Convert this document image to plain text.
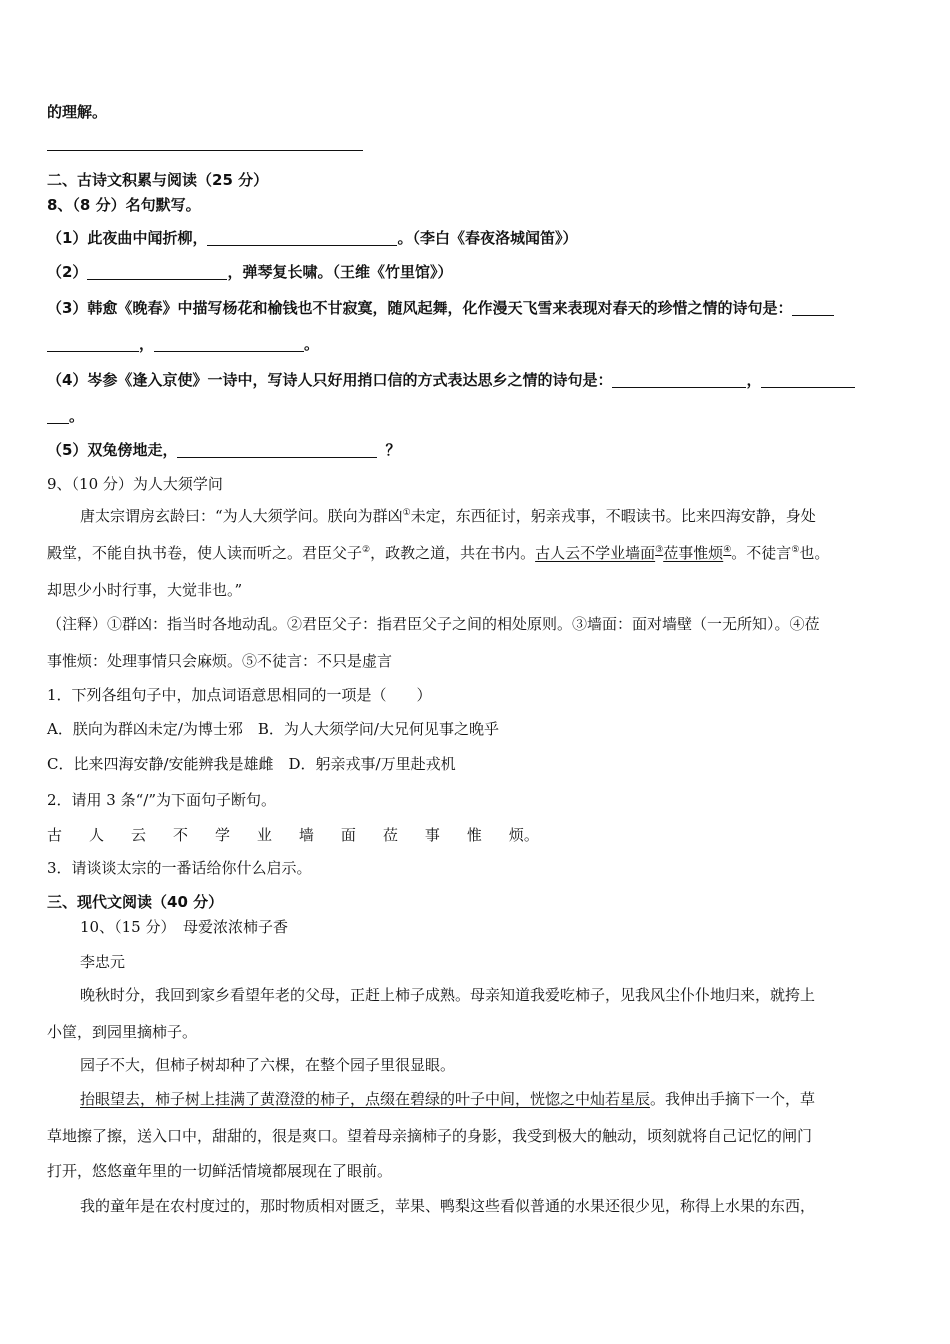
的理解。
二、古诗文积累与阅读（25 分）
8、（8 分）名句默写。
（1）此夜曲中闻折柳，	。（李白《春夜洛城闻笛》）
（2）	，弹琴复长啸。（王维《竹里馆》）
（3）韩愈《晚春》中描写杨花和榆钱也不甘寂寞，随风起舞，化作漫天飞雪来表现对春天的珍惜之情的诗句是：
，	。
（4）岑参《逢入京使》一诗中，写诗人只好用捎口信的方式表达思乡之情的诗句是：	，
。
（5）双兔傍地走，	？
9、（10 分）为人大须学问
唐太宗谓房玄龄曰：“为人大须学问。朕向为群凶①未定，东西征讨，躬亲戎事，不暇读书。比来四海安静，身处
殿堂，不能自执书卷，使人读而听之。君臣父子②，政教之道，共在书内。古人云不学业墙面③莅事惟烦④。不徒言⑤也。
却思少小时行事，大觉非也。”
（注释）①群凶：指当时各地动乱。②君臣父子：指君臣父子之间的相处原则。③墙面：面对墙壁（一无所知）。④莅
事惟烦：处理事情只会麻烦。⑤不徒言：不只是虚言
1．下列各组句子中，加点词语意思相同的一项是（　　）
A．朕向为群凶未定/为博士邪　B．为人大须学问/大兄何见事之晚乎
C．比来四海安静/安能辨我是雄雌　D．躬亲戎事/万里赴戎机
2．请用 3 条“/”为下面句子断句。
古 人 云 不 学 业 墙 面 莅 事 惟 烦。
3．请谈谈太宗的一番话给你什么启示。
三、现代文阅读（40 分）
10、（15 分）　母爱浓浓柿子香
李忠元
晚秋时分，我回到家乡看望年老的父母，正赶上柿子成熟。母亲知道我爱吃柿子，见我风尘仆仆地归来，就挎上
小筐，到园里摘柿子。
园子不大，但柿子树却种了六棵，在整个园子里很显眼。
抬眼望去，柿子树上挂满了黄澄澄的柿子，点缀在碧绿的叶子中间，恍惚之中灿若星辰。我伸出手摘下一个，草
草地擦了擦，送入口中，甜甜的，很是爽口。望着母亲摘柿子的身影，我受到极大的触动，顷刻就将自己记忆的闸门
打开，悠悠童年里的一切鲜活情境都展现在了眼前。
我的童年是在农村度过的，那时物质相对匮乏，苹果、鸭梨这些看似普通的水果还很少见，称得上水果的东西，
